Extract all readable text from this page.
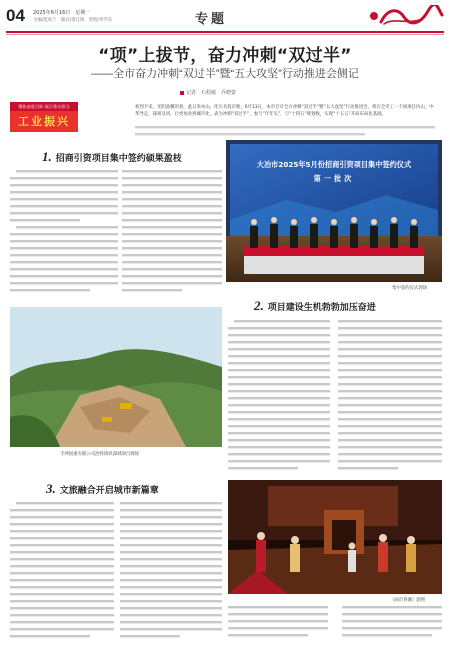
04 2025年6月16日　星期一
主编/范凤兰　版式/余江鸿　责校/李学东	专题
“项”上拔节，奋力冲刺“双过半”
——全市奋力冲刺“双过半”暨“五大攻坚”行动推进会侧记
记者　石程敏　乔晓蕾
聚焦奋进目标·展示务实担当
工业振兴

初到夕来，光阴备精的春，此日米亦山。化川具投京惟，6月13日，本市召开全方冲刺“双过半”暨“五大攻坚”行动推进会，将在全市工一个项项目仿山，中革导走，探项及同，让更加业拆城市化，表为冲刺“双过半”，参与“年年头”，与“十四五”规划收，实现“十五五”开局布局化基础。

1. 招商引资项目集中签约硕果盈枝
大冶市2025年5月份招商引资项目集中签约仪式
第一批次
集中签约仪式现场
丰坤国重有限公司冶铁铸铁深域项目现场
2. 项目建设生机勃勃加压奋进
3. 文旅融合开启城市新篇章
（闹市春潮）剧照
